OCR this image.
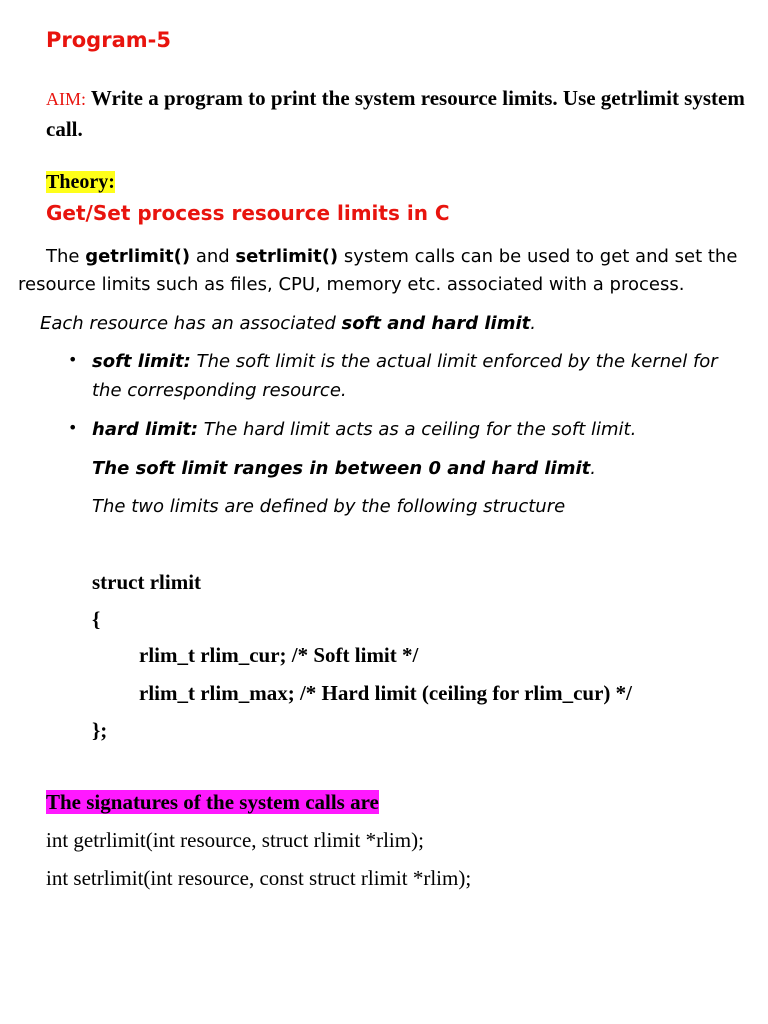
Program-5
AIM: Write a program to print the system resource limits. Use getrlimit system call.
Theory:
Get/Set process resource limits in C
The getrlimit() and setrlimit() system calls can be used to get and set the
resource limits such as files, CPU, memory etc. associated with a process.
Each resource has an associated soft and hard limit.
• soft limit: The soft limit is the actual limit enforced by the kernel for
the corresponding resource.
• hard limit: The hard limit acts as a ceiling for the soft limit.
The soft limit ranges in between 0 and hard limit.
The two limits are defined by the following structure
struct rlimit
{
rlim_t rlim_cur; /* Soft limit */
rlim_t rlim_max; /* Hard limit (ceiling for rlim_cur) */
};
The signatures of the system calls are
int getrlimit(int resource, struct rlimit *rlim);
int setrlimit(int resource, const struct rlimit *rlim);
